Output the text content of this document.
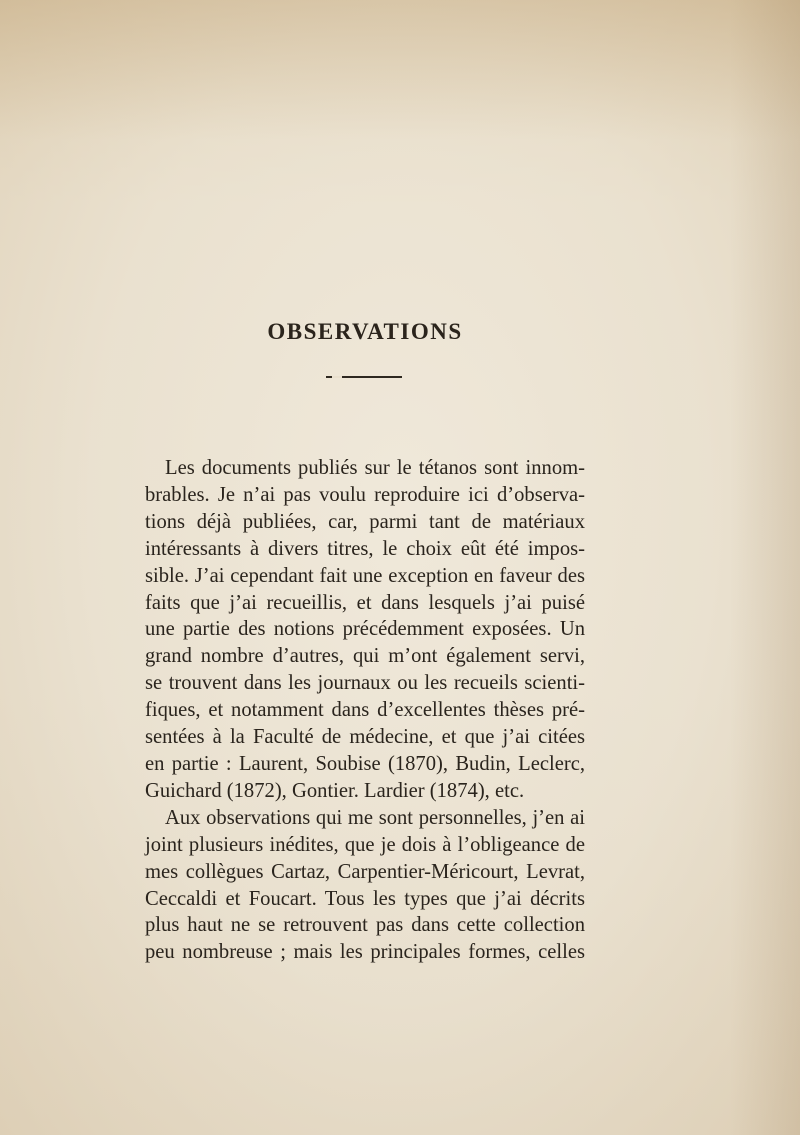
OBSERVATIONS
Les documents publiés sur le tétanos sont innom-
brables. Je n’ai pas voulu reproduire ici d’observa-
tions déjà publiées, car, parmi tant de matériaux
intéressants à divers titres, le choix eût été impos-
sible. J’ai cependant fait une exception en faveur des
faits que j’ai recueillis, et dans lesquels j’ai puisé
une partie des notions précédemment exposées. Un
grand nombre d’autres, qui m’ont également servi,
se trouvent dans les journaux ou les recueils scienti-
fiques, et notamment dans d’excellentes thèses pré-
sentées à la Faculté de médecine, et que j’ai citées
en partie : Laurent, Soubise (1870), Budin, Leclerc,
Guichard (1872), Gontier. Lardier (1874), etc.
Aux observations qui me sont personnelles, j’en ai
joint plusieurs inédites, que je dois à l’obligeance de
mes collègues Cartaz, Carpentier-Méricourt, Levrat,
Ceccaldi et Foucart. Tous les types que j’ai décrits
plus haut ne se retrouvent pas dans cette collection
peu nombreuse ; mais les principales formes, celles
